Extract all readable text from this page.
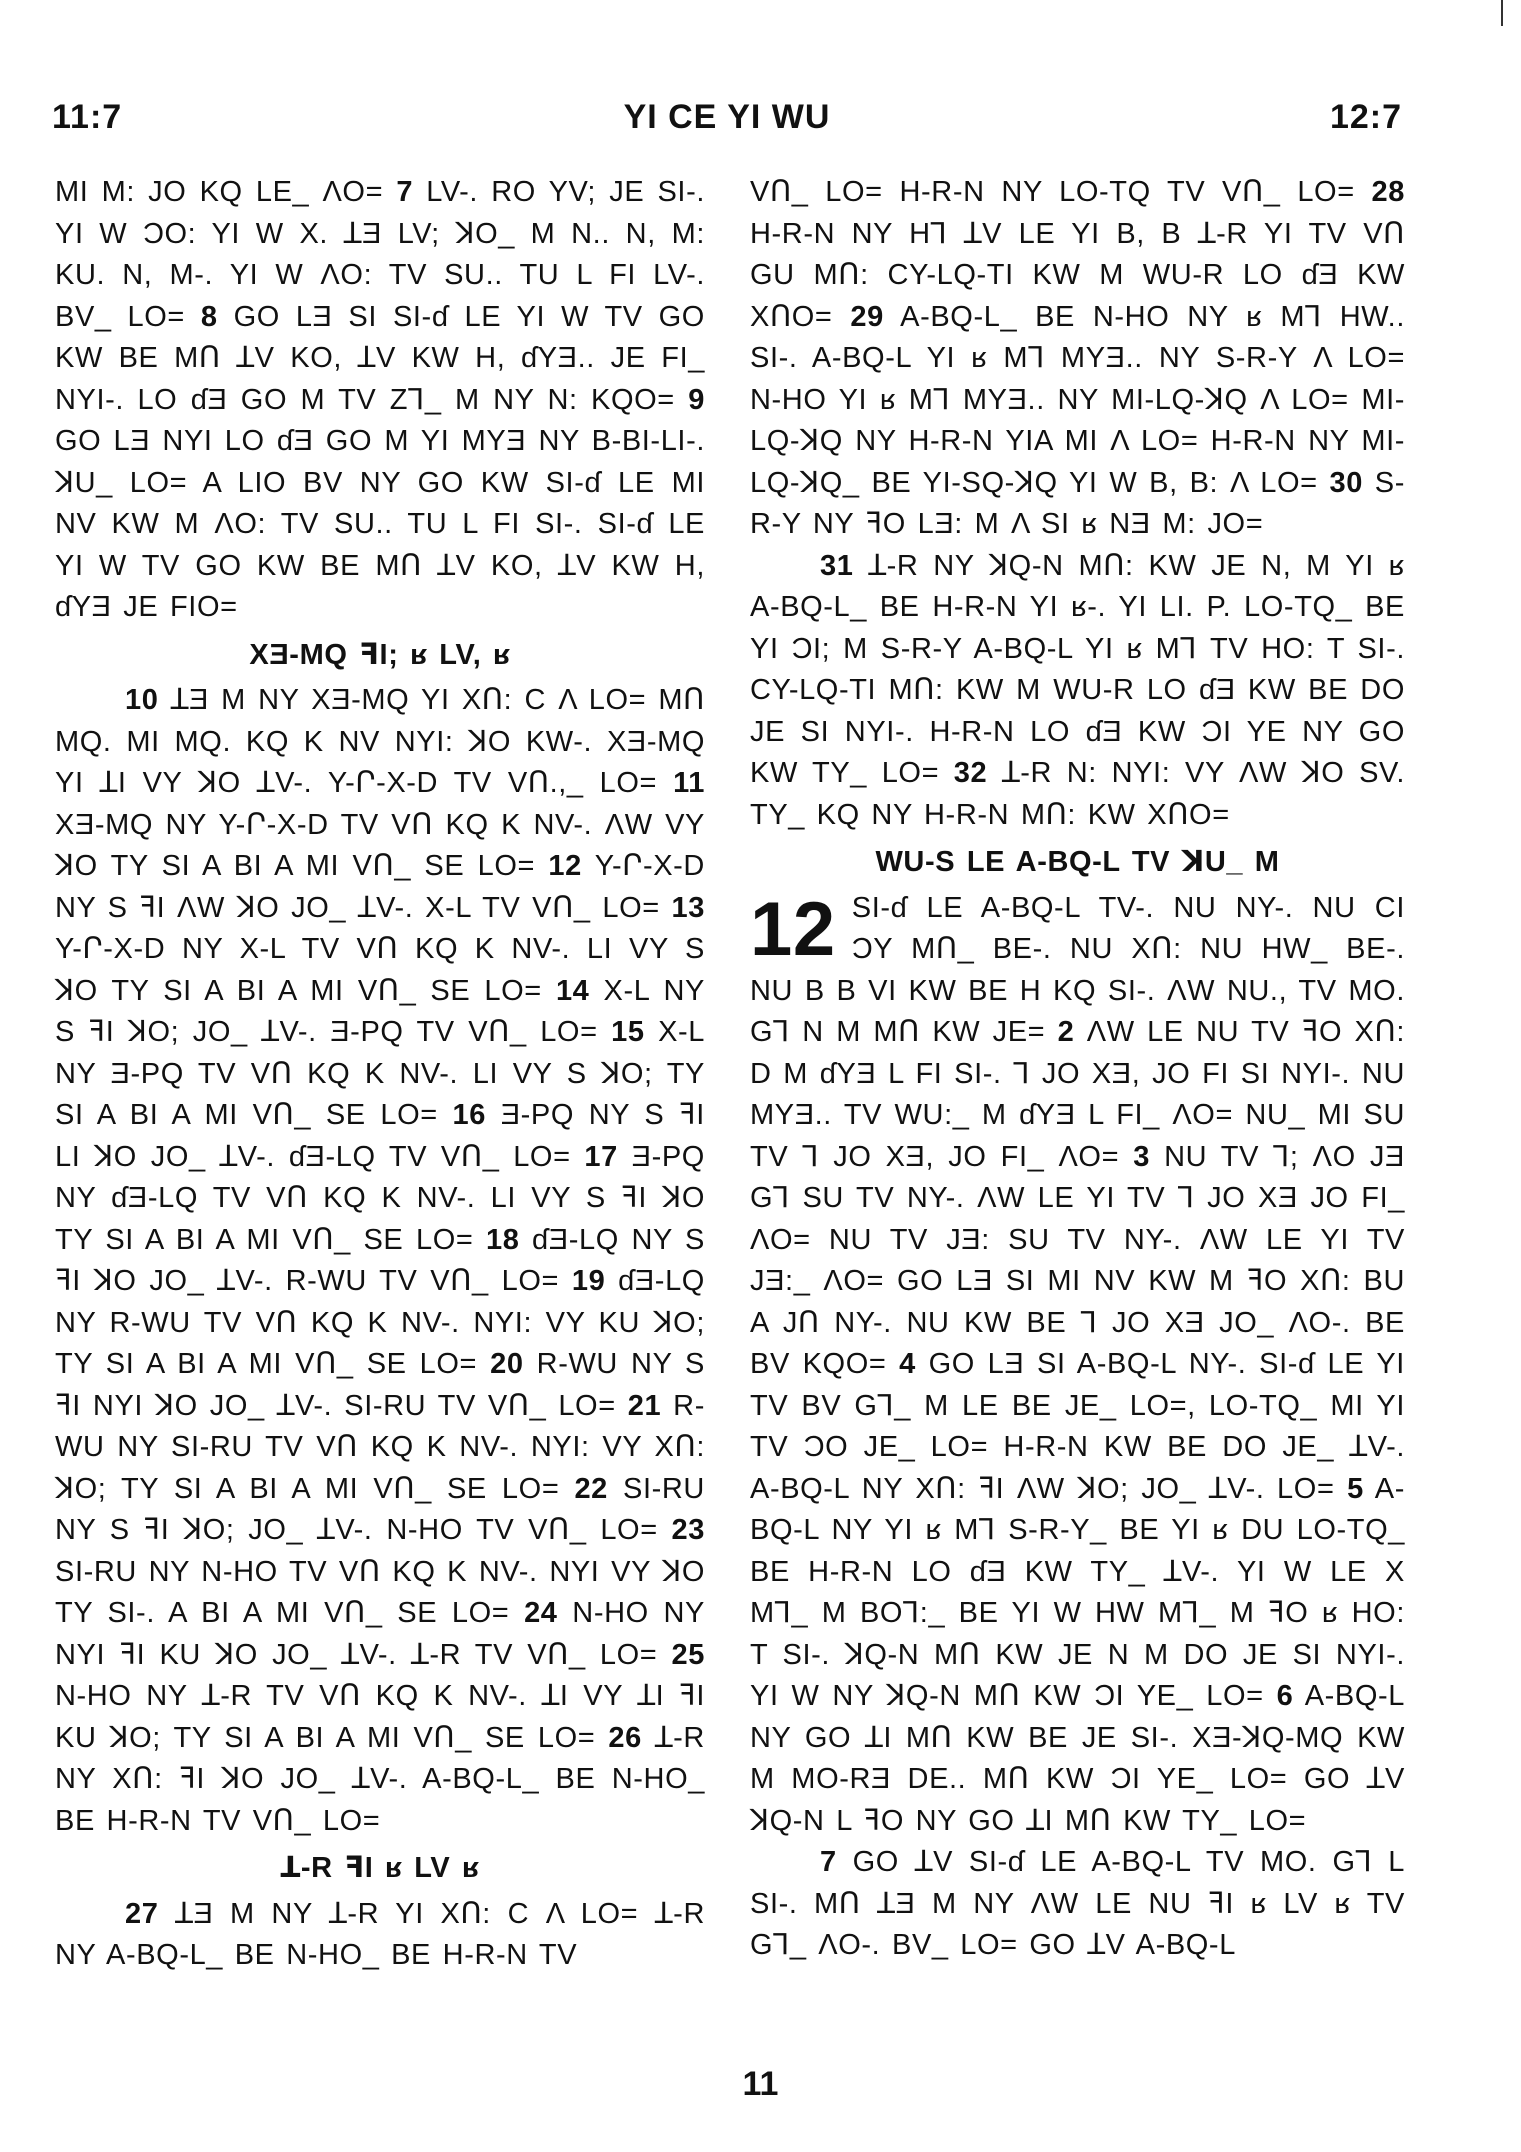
11:7	YI CE YI WU	12:7

MI M: JO KQ LE_ ΛO= 7 LV-. RO YV; JE SI-. YI W ƆO: YI W X. ꓕƎ LV; ꓘO_ M N.. N, M: KU. N, M-. YI W ΛO: TV SU.. TU L FI LV-. BV_ LO= 8 GO LƎ SI SI-ɗ LE YI W TV GO KW BE MՈ ꓕV KO, ꓕV KW H, ɗYƎ.. JE FI_ NYI-. LO ɗƎ GO M TV Zꓶ_ M NY N: KQO= 9 GO LƎ NYI LO ɗƎ GO M YI MYƎ NY B-BI-LI-. ꓘU_ LO= A LIO BV NY GO KW SI-ɗ LE MI NV KW M ΛO: TV SU.. TU L FI SI-. SI-ɗ LE YI W TV GO KW BE MՈ ꓕV KO, ꓕV KW H, ɗYƎ JE FIO=

XƎ-MQ ꟻI; ʁ LV, ʁ

10 ꓕƎ M NY XƎ-MQ YI XՈ: C Λ LO= MՈ MQ. MI MQ. KQ K NV NYI: ꓘO KW-. XƎ-MQ YI ꓕI VY ꓘO ꓕV-. Y-Ր-X-D TV VՈ.,_ LO= 11 XƎ-MQ NY Y-Ր-X-D TV VՈ KQ K NV-. ΛW VY ꓘO TY SI A BI A MI VՈ_ SE LO= 12 Y-Ր-X-D NY S ꟻI ΛW ꓘO JO_ ꓕV-. X-L TV VՈ_ LO= 13 Y-Ր-X-D NY X-L TV VՈ KQ K NV-. LI VY S ꓘO TY SI A BI A MI VՈ_ SE LO= 14 X-L NY S ꟻI ꓘO; JO_ ꓕV-. Ǝ-PQ TV VՈ_ LO= 15 X-L NY Ǝ-PQ TV VՈ KQ K NV-. LI VY S ꓘO; TY SI A BI A MI VՈ_ SE LO= 16 Ǝ-PQ NY S ꟻI LI ꓘO JO_ ꓕV-. ɗƎ-LQ TV VՈ_ LO= 17 Ǝ-PQ NY ɗƎ-LQ TV VՈ KQ K NV-. LI VY S ꟻI ꓘO TY SI A BI A MI VՈ_ SE LO= 18 ɗƎ-LQ NY S ꟻI ꓘO JO_ ꓕV-. R-WU TV VՈ_ LO= 19 ɗƎ-LQ NY R-WU TV VՈ KQ K NV-. NYI: VY KU ꓘO; TY SI A BI A MI VՈ_ SE LO= 20 R-WU NY S ꟻI NYI ꓘO JO_ ꓕV-. SI-RU TV VՈ_ LO= 21 R-WU NY SI-RU TV VՈ KQ K NV-. NYI: VY XՈ: ꓘO; TY SI A BI A MI VՈ_ SE LO= 22 SI-RU NY S ꟻI ꓘO; JO_ ꓕV-. N-HO TV VՈ_ LO= 23 SI-RU NY N-HO TV VՈ KQ K NV-. NYI VY ꓘO TY SI-. A BI A MI VՈ_ SE LO= 24 N-HO NY NYI ꟻI KU ꓘO JO_ ꓕV-. ꓕ-R TV VՈ_ LO= 25 N-HO NY ꓕ-R TV VՈ KQ K NV-. ꓕI VY ꓕI ꟻI KU ꓘO; TY SI A BI A MI VՈ_ SE LO= 26 ꓕ-R NY XՈ: ꟻI ꓘO JO_ ꓕV-. A-BQ-L_ BE N-HO_ BE H-R-N TV VՈ_ LO=

ꓕ-R ꟻI ʁ LV ʁ

27 ꓕƎ M NY ꓕ-R YI XՈ: C Λ LO= ꓕ-R NY A-BQ-L_ BE N-HO_ BE H-R-N TV

VՈ_ LO= H-R-N NY LO-TQ TV VՈ_ LO= 28 H-R-N NY Hꓶ ꓕV LE YI B, B ꓕ-R YI TV VՈ GU MՈ: CY-LQ-TI KW M WU-R LO ɗƎ KW XՈO= 29 A-BQ-L_ BE N-HO NY ʁ Mꓶ HW.. SI-. A-BQ-L YI ʁ Mꓶ MYƎ.. NY S-R-Y Λ LO= N-HO YI ʁ Mꓶ MYƎ.. NY MI-LQ-ꓘQ Λ LO= MI-LQ-ꓘQ NY H-R-N YIA MI Λ LO= H-R-N NY MI-LQ-ꓘQ_ BE YI-SQ-ꓘQ YI W B, B: Λ LO= 30 S-R-Y NY ꟻO LƎ: M Λ SI ʁ NƎ M: JO=

31 ꓕ-R NY ꓘQ-N MՈ: KW JE N, M YI ʁ A-BQ-L_ BE H-R-N YI ʁ-. YI LI. P. LO-TQ_ BE YI ƆI; M S-R-Y A-BQ-L YI ʁ Mꓶ TV HO: T SI-. CY-LQ-TI MՈ: KW M WU-R LO ɗƎ KW BE DO JE SI NYI-. H-R-N LO ɗƎ KW ƆI YE NY GO KW TY_ LO= 32 ꓕ-R N: NYI: VY ΛW ꓘO SV. TY_ KQ NY H-R-N MՈ: KW XՈO=

WU-S LE A-BQ-L TV ꓘU_ M
12 SI-ɗ LE A-BQ-L TV-. NU NY-. NU CI ƆY MՈ_ BE-. NU XՈ: NU HW_ BE-. NU B B VI KW BE H KQ SI-. ΛW NU., TV MO. Gꓶ N M MՈ KW JE= 2 ΛW LE NU TV ꟻO XՈ: D M ɗYƎ L FI SI-. ꓶ JO XƎ, JO FI SI NYI-. NU MYƎ.. TV WU:_ M ɗYƎ L FI_ ΛO= NU_ MI SU TV ꓶ JO XƎ, JO FI_ ΛO= 3 NU TV ꓶ; ΛO JƎ Gꓶ SU TV NY-. ΛW LE YI TV ꓶ JO XƎ JO FI_ ΛO= NU TV JƎ: SU TV NY-. ΛW LE YI TV JƎ:_ ΛO= GO LƎ SI MI NV KW M ꟻO XՈ: BU A JՈ NY-. NU KW BE ꓶ JO XƎ JO_ ΛO-. BE BV KQO= 4 GO LƎ SI A-BQ-L NY-. SI-ɗ LE YI TV BV Gꓶ_ M LE BE JE_ LO=, LO-TQ_ MI YI TV ƆO JE_ LO= H-R-N KW BE DO JE_ ꓕV-. A-BQ-L NY XՈ: ꟻI ΛW ꓘO; JO_ ꓕV-. LO= 5 A-BQ-L NY YI ʁ Mꓶ S-R-Y_ BE YI ʁ DU LO-TQ_ BE H-R-N LO ɗƎ KW TY_ ꓕV-. YI W LE X Mꓶ_ M BOꓶ:_ BE YI W HW Mꓶ_ M ꟻO ʁ HO: T SI-. ꓘQ-N MՈ KW JE N M DO JE SI NYI-. YI W NY ꓘQ-N MՈ KW ƆI YE_ LO= 6 A-BQ-L NY GO ꓕI MՈ KW BE JE SI-. XƎ-ꓘQ-MQ KW M MO-RƎ DE.. MՈ KW ƆI YE_ LO= GO ꓕV ꓘQ-N L ꟻO NY GO ꓕI MՈ KW TY_ LO=

7 GO ꓕV SI-ɗ LE A-BQ-L TV MO. Gꓶ L SI-. MՈ ꓕƎ M NY ΛW LE NU ꟻI ʁ LV ʁ TV Gꓶ_ ΛO-. BV_ LO= GO ꓕV A-BQ-L

11
